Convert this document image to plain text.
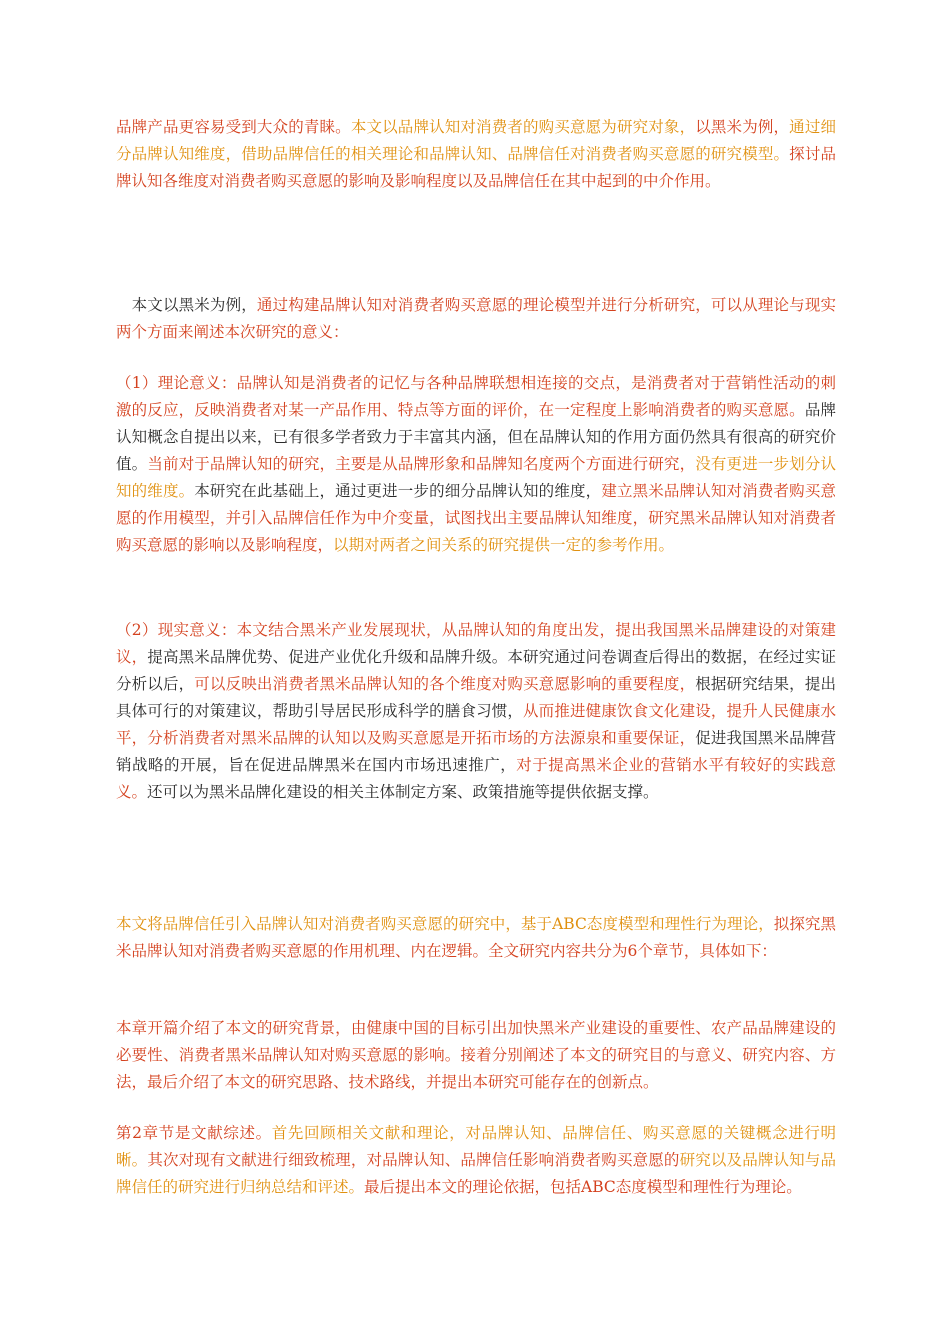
品牌产品更容易受到大众的青睐。本文以品牌认知对消费者的购买意愿为研究对象，以黑米为例，通过细分品牌认知维度，借助品牌信任的相关理论和品牌认知、品牌信任对消费者购买意愿的研究模型。探讨品牌认知各维度对消费者购买意愿的影响及影响程度以及品牌信任在其中起到的中介作用。

　本文以黑米为例，通过构建品牌认知对消费者购买意愿的理论模型并进行分析研究，可以从理论与现实两个方面来阐述本次研究的意义：

（1）理论意义：品牌认知是消费者的记忆与各种品牌联想相连接的交点，是消费者对于营销性活动的刺激的反应，反映消费者对某一产品作用、特点等方面的评价，在一定程度上影响消费者的购买意愿。品牌认知概念自提出以来，已有很多学者致力于丰富其内涵，但在品牌认知的作用方面仍然具有很高的研究价值。当前对于品牌认知的研究，主要是从品牌形象和品牌知名度两个方面进行研究，没有更进一步划分认知的维度。本研究在此基础上，通过更进一步的细分品牌认知的维度，建立黑米品牌认知对消费者购买意愿的作用模型，并引入品牌信任作为中介变量，试图找出主要品牌认知维度，研究黑米品牌认知对消费者购买意愿的影响以及影响程度，以期对两者之间关系的研究提供一定的参考作用。

（2）现实意义：本文结合黑米产业发展现状，从品牌认知的角度出发，提出我国黑米品牌建设的对策建议，提高黑米品牌优势、促进产业优化升级和品牌升级。本研究通过问卷调查后得出的数据，在经过实证分析以后，可以反映出消费者黑米品牌认知的各个维度对购买意愿影响的重要程度，根据研究结果，提出具体可行的对策建议，帮助引导居民形成科学的膳食习惯，从而推进健康饮食文化建设，提升人民健康水平，分析消费者对黑米品牌的认知以及购买意愿是开拓市场的方法源泉和重要保证，促进我国黑米品牌营销战略的开展，旨在促进品牌黑米在国内市场迅速推广，对于提高黑米企业的营销水平有较好的实践意义。还可以为黑米品牌化建设的相关主体制定方案、政策措施等提供依据支撑。

本文将品牌信任引入品牌认知对消费者购买意愿的研究中，基于ABC态度模型和理性行为理论，拟探究黑米品牌认知对消费者购买意愿的作用机理、内在逻辑。全文研究内容共分为6个章节，具体如下：

本章开篇介绍了本文的研究背景，由健康中国的目标引出加快黑米产业建设的重要性、农产品品牌建设的必要性、消费者黑米品牌认知对购买意愿的影响。接着分别阐述了本文的研究目的与意义、研究内容、方法，最后介绍了本文的研究思路、技术路线，并提出本研究可能存在的创新点。

第2章节是文献综述。首先回顾相关文献和理论，对品牌认知、品牌信任、购买意愿的关键概念进行明晰。其次对现有文献进行细致梳理，对品牌认知、品牌信任影响消费者购买意愿的研究以及品牌认知与品牌信任的研究进行归纳总结和评述。最后提出本文的理论依据，包括ABC态度模型和理性行为理论。
